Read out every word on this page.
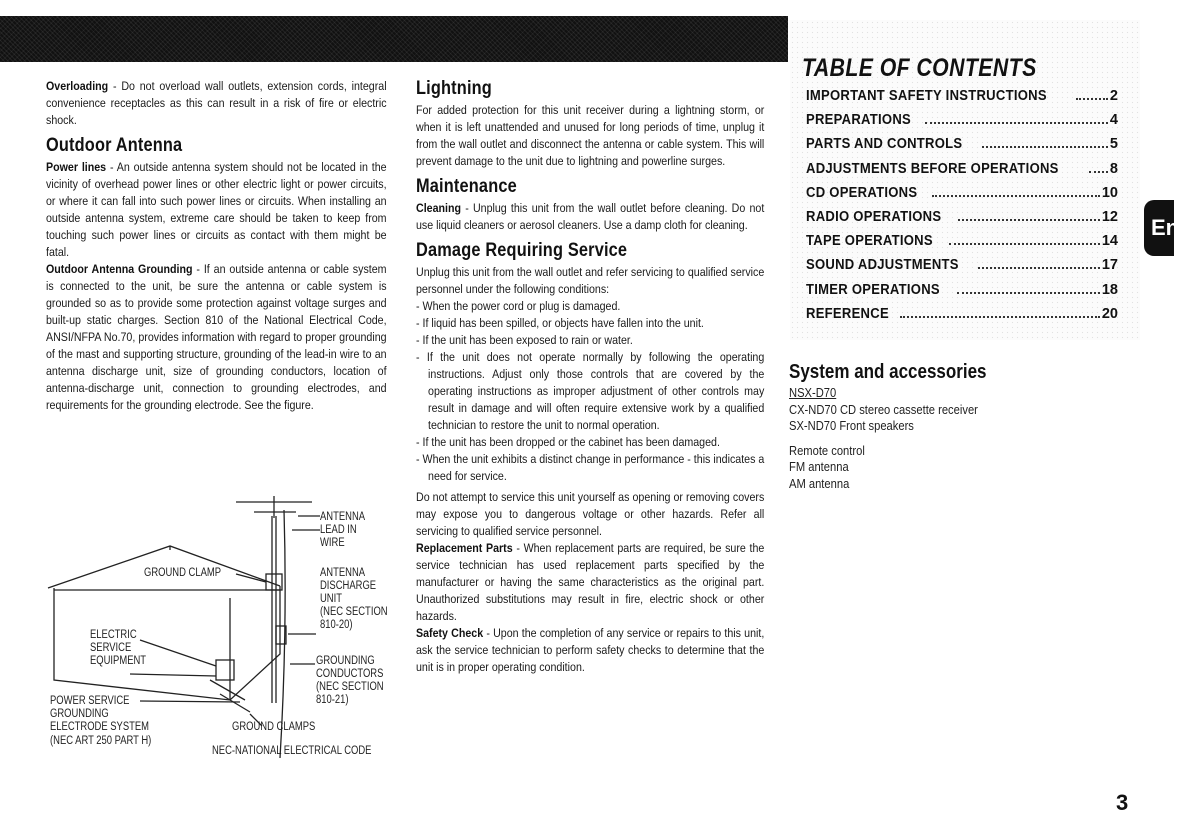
Overloading - Do not overload wall outlets, extension cords, integral convenience receptacles as this can result in a risk of fire or electric shock.

Outdoor Antenna

Power lines - An outside antenna system should not be located in the vicinity of overhead power lines or other electric light or power circuits, or where it can fall into such power lines or circuits. When installing an outside antenna system, extreme care should be taken to keep from touching such power lines or circuits as contact with them might be fatal.

Outdoor Antenna Grounding - If an outside antenna or cable system is connected to the unit, be sure the antenna or cable system is grounded so as to provide some protection against voltage surges and built-up static charges. Section 810 of the National Electrical Code, ANSI/NFPA No.70, provides information with regard to proper grounding of the mast and supporting structure, grounding of the lead-in wire to an antenna discharge unit, size of grounding conductors, location of antenna-discharge unit, connection to grounding electrodes, and requirements for the grounding electrode. See the figure.

ANTENNA
LEAD IN
WIRE
GROUND CLAMP	ANTENNA
DISCHARGE
UNIT
(NEC SECTION
810-20)
ELECTRIC
SERVICE
EQUIPMENT	GROUNDING
CONDUCTORS
(NEC SECTION
810-21)
POWER SERVICE
GROUNDING
ELECTRODE SYSTEM
(NEC ART 250 PART H)
GROUND CLAMPS
NEC-NATIONAL ELECTRICAL CODE
Lightning

For added protection for this unit receiver during a lightning storm, or when it is left unattended and unused for long periods of time, unplug it from the wall outlet and disconnect the antenna or cable system. This will prevent damage to the unit due to lightning and powerline surges.

Maintenance

Cleaning - Unplug this unit from the wall outlet before cleaning. Do not use liquid cleaners or aerosol cleaners. Use a damp cloth for cleaning.

Damage Requiring Service

Unplug this unit from the wall outlet and refer servicing to qualified service personnel under the following conditions:

- When the power cord or plug is damaged.

- If liquid has been spilled, or objects have fallen into the unit.

- If the unit has been exposed to rain or water.

- If the unit does not operate normally by following the operating instructions. Adjust only those controls that are covered by the operating instructions as improper adjustment of other controls may result in damage and will often require extensive work by a qualified technician to restore the unit to normal operation.

- If the unit has been dropped or the cabinet has been damaged.

- When the unit exhibits a distinct change in performance - this indicates a need for service.

Do not attempt to service this unit yourself as opening or removing covers may expose you to dangerous voltage or other hazards. Refer all servicing to qualified service personnel.

Replacement Parts - When replacement parts are required, be sure the service technician has used replacement parts specified by the manufacturer or having the same characteristics as the original part. Unauthorized substitutions may result in fire, electric shock or other hazards.

Safety Check - Upon the completion of any service or repairs to this unit, ask the service technician to perform safety checks to determine that the unit is in proper operating condition.

TABLE OF CONTENTS
IMPORTANT SAFETY INSTRUCTIONS	2
PREPARATIONS	4
PARTS AND CONTROLS	5
ADJUSTMENTS BEFORE OPERATIONS	8
CD OPERATIONS	10
RADIO OPERATIONS	12
TAPE OPERATIONS	14
SOUND ADJUSTMENTS	17
TIMER OPERATIONS	18
REFERENCE	20
System and accessories
NSX-D70
CX-ND70 CD stereo cassette receiver
SX-ND70 Front speakers
Remote control
FM antenna
AM antenna
En
3
